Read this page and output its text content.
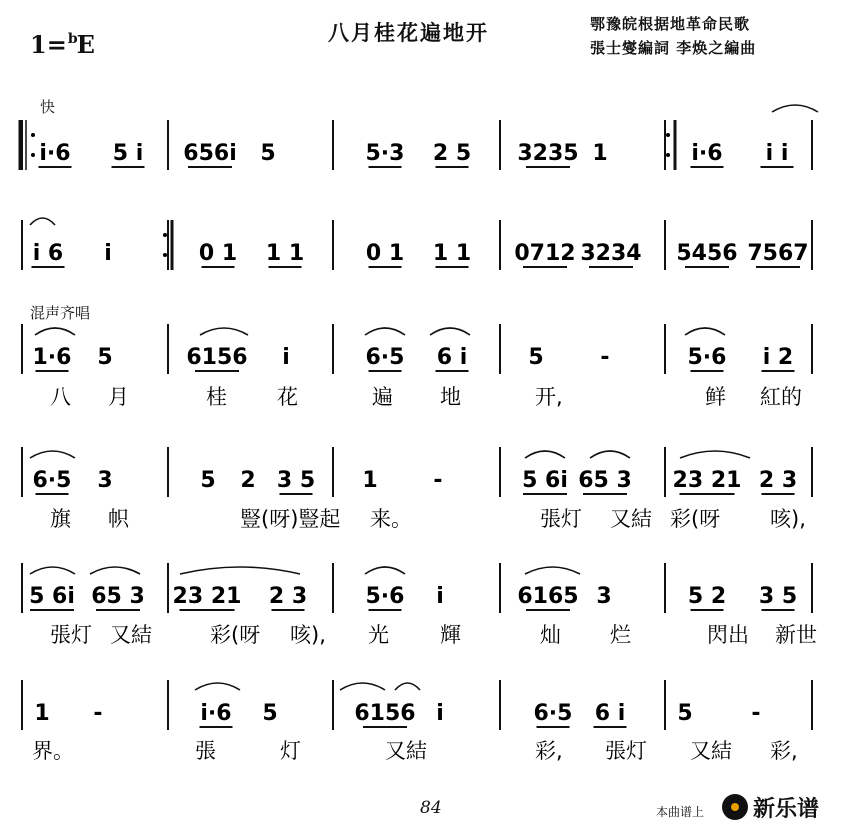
1=$^b$E	八月桂花遍地开	鄂豫皖根据地革命民歌
張士燮編詞 李焕之編曲
快
混声齐唱
i·6 5 i 656i 5	5·3 2 5 3235 1	i·6 i i
i 6 i	0 1 1 1	0 1 1 1 0712 3234 5456 7567
1·6 5	6156 i	6·5 6 i	5	-	5·6 i 2
八 月	桂 花	遍 地	开,	鲜 紅的
6·5 3	5 2 3 5 1	-	5 6i 65 3 23 21 2 3
旗 帜	豎(呀)豎起 来。	張灯 又結 彩(呀 咳),
5 6i 65 3 23 21 2 3	5·6 i	6165 3	5 2 3 5
張灯 又結	彩(呀 咳), 光 輝	灿 烂	閃出 新世
1 -	i·6 5	6156 i	6·5 6 i 5	-
界。	張	灯	又結	彩, 張灯 又結 彩,
84	本曲谱上 新乐谱
